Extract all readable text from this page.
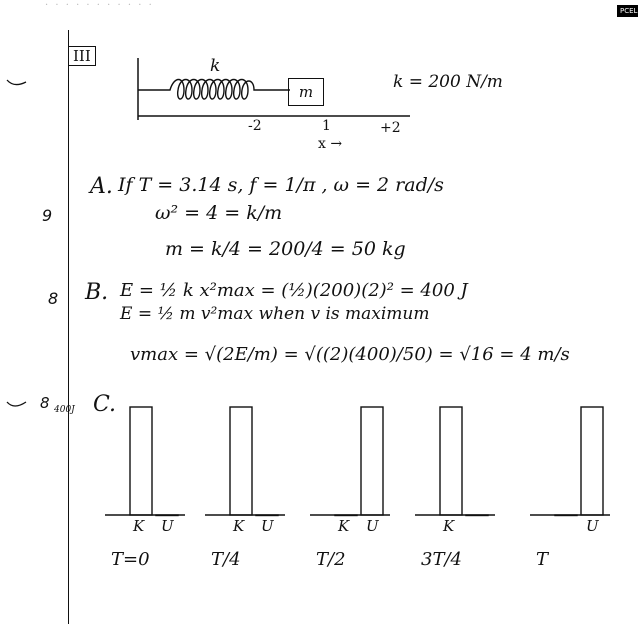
· · · · · · · · · · ·	PCEL
III	k
m	k = 200 N/m
-2	1	+2
x →
9
A. If T = 3.14 s, f = 1/π , ω = 2 rad/s
ω² = 4 = k/m
m = k/4 = 200/4 = 50 kg
8 B. E = ½ k x²max = (½)(200)(2)² = 400 J
E = ½ m v²max when v is maximum
vmax = √(2E/m) = √((2)(400)/50) = √16 = 4 m/s
8 400J C.
K U
T=0
K U
T/4
K U
T/2
K
3T/4
U
T
